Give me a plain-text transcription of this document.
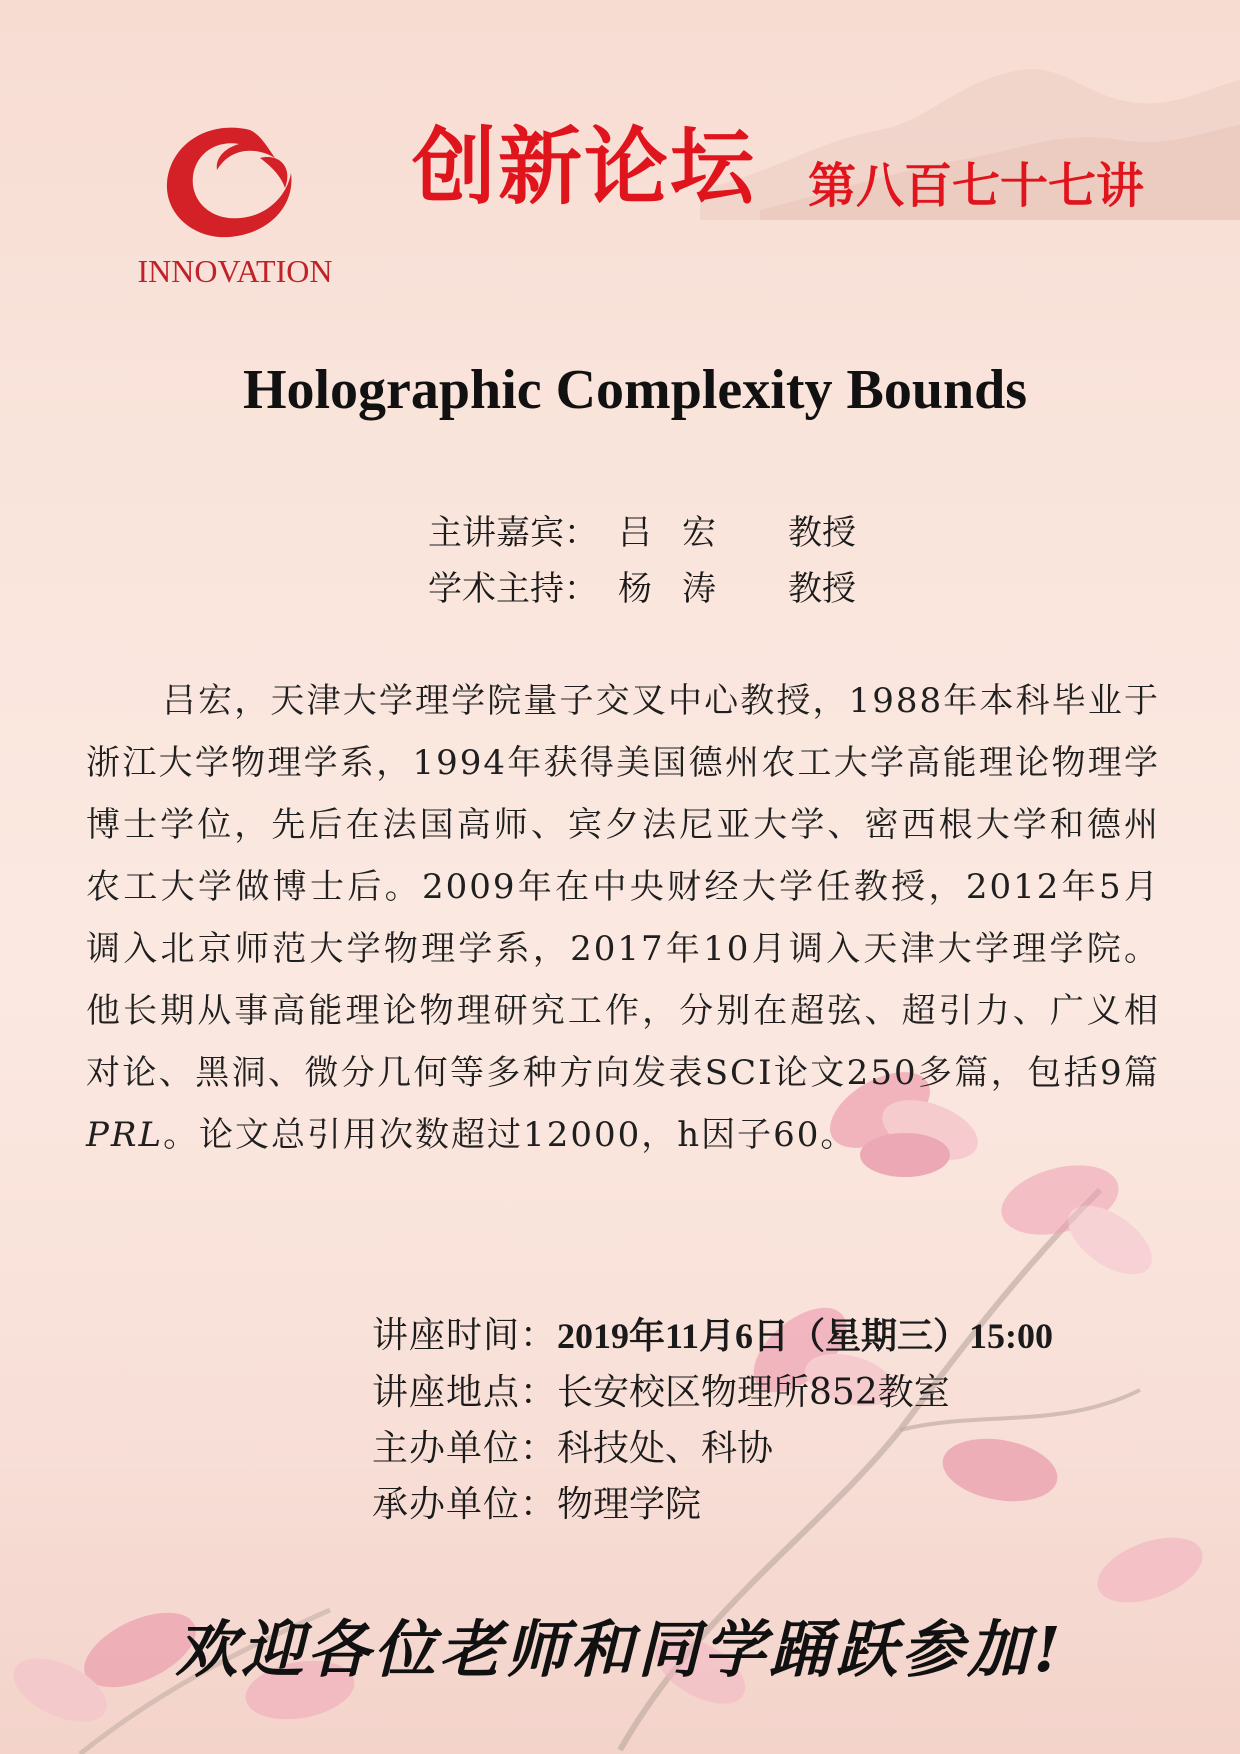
INNOVATION
创新论坛 第八百七十七讲
Holographic Complexity Bounds
主讲嘉宾： 吕宏	教授
学术主持： 杨涛	教授
吕宏，天津大学理学院量子交叉中心教授，1988年本科毕业于浙江大学物理学系，1994年获得美国德州农工大学高能理论物理学博士学位，先后在法国高师、宾夕法尼亚大学、密西根大学和德州农工大学做博士后。2009年在中央财经大学任教授，2012年5月调入北京师范大学物理学系，2017年10月调入天津大学理学院。他长期从事高能理论物理研究工作，分别在超弦、超引力、广义相对论、黑洞、微分几何等多种方向发表SCI论文250多篇，包括9篇PRL。论文总引用次数超过12000，h因子60。
讲座时间： 2019年11月6日（星期三）15:00
讲座地点： 长安校区物理所852教室
主办单位： 科技处、科协
承办单位： 物理学院
欢迎各位老师和同学踊跃参加!
